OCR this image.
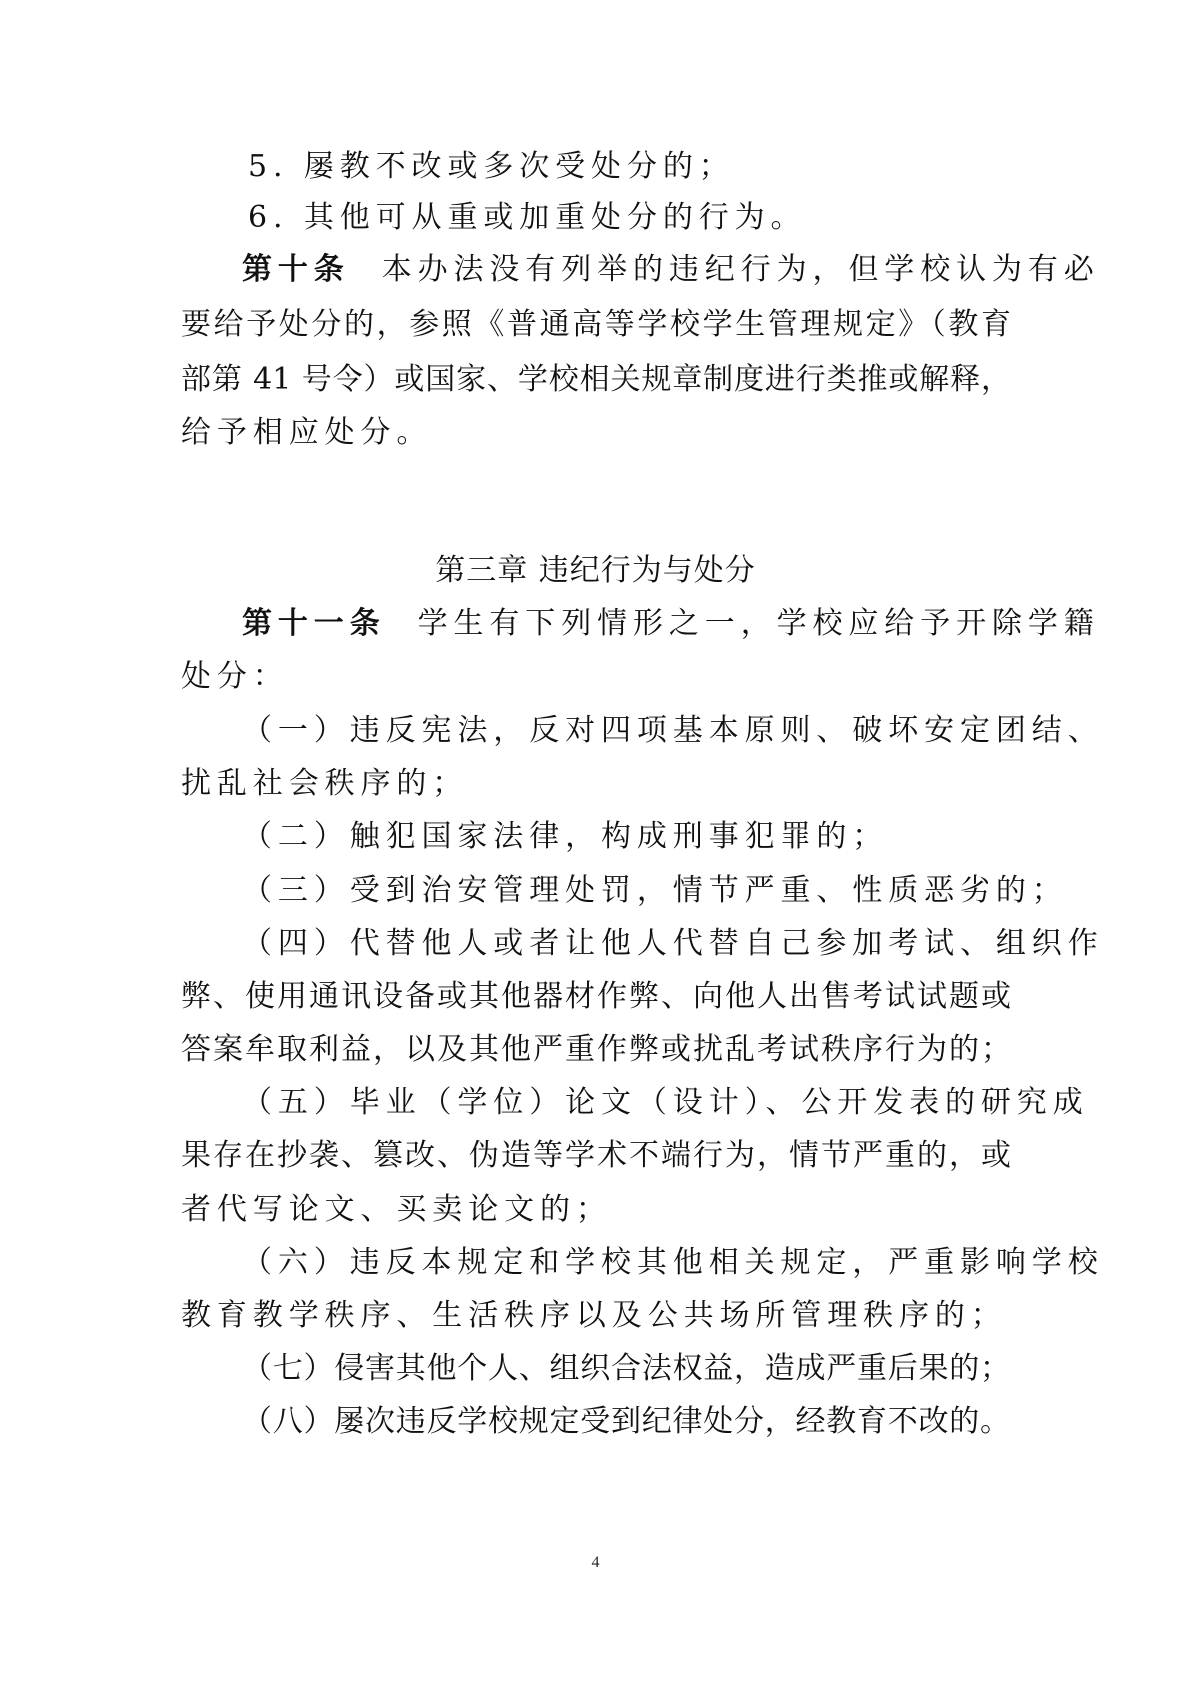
5. 屡教不改或多次受处分的；
6. 其他可从重或加重处分的行为。
第十条 本办法没有列举的违纪行为，但学校认为有必
要给予处分的，参照《普通高等学校学生管理规定》（教育
部第 41 号令）或国家、学校相关规章制度进行类推或解释，
给予相应处分。
第三章 违纪行为与处分
第十一条 学生有下列情形之一，学校应给予开除学籍
处分：
（一）违反宪法，反对四项基本原则、破坏安定团结、
扰乱社会秩序的；
（二）触犯国家法律，构成刑事犯罪的；
（三）受到治安管理处罚，情节严重、性质恶劣的；
（四）代替他人或者让他人代替自己参加考试、组织作
弊、使用通讯设备或其他器材作弊、向他人出售考试试题或
答案牟取利益，以及其他严重作弊或扰乱考试秩序行为的；
（五）毕业（学位）论文（设计）、公开发表的研究成
果存在抄袭、篡改、伪造等学术不端行为，情节严重的，或
者代写论文、买卖论文的；
（六）违反本规定和学校其他相关规定，严重影响学校
教育教学秩序、生活秩序以及公共场所管理秩序的；
（七）侵害其他个人、组织合法权益，造成严重后果的；
（八）屡次违反学校规定受到纪律处分，经教育不改的。
4
